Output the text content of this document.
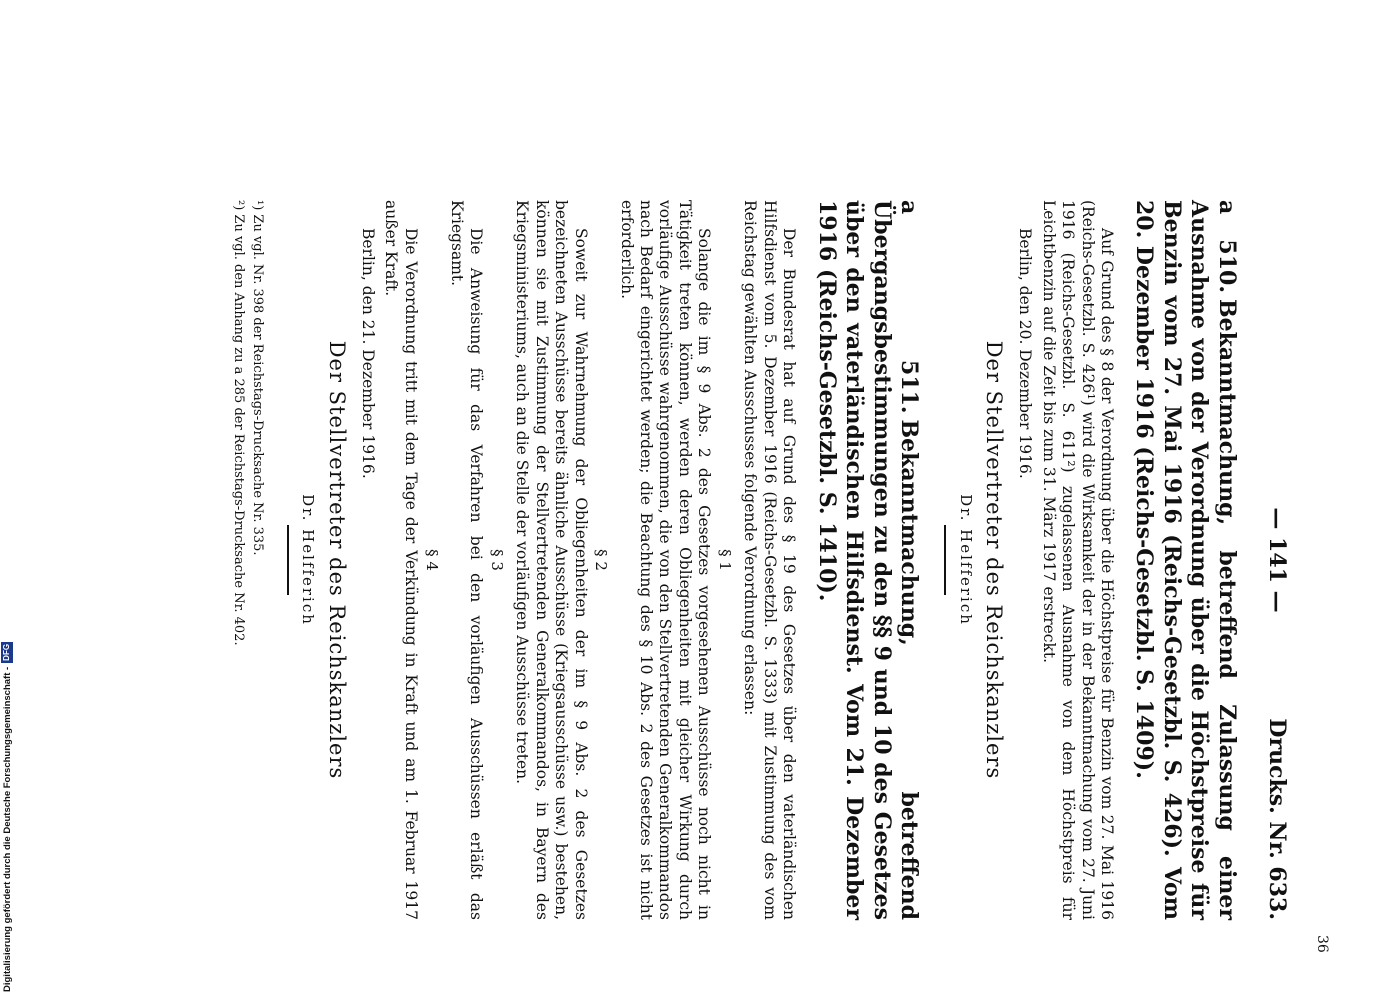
— 141 —
Drucks. Nr. 633.
a 510.Bekanntmachung, betreffend Zulassung einer Ausnahme von der Verordnung über die Höchstpreise für Benzin vom 27. Mai 1916 (Reichs-Gesetzbl. S. 426). Vom 20. Dezember 1916 (Reichs-Gesetzbl. S. 1409).

Auf Grund des § 8 der Verordnung über die Höchstpreise für Benzin vom 27. Mai 1916 (Reichs-Gesetzbl. S. 426¹) wird die Wirksamkeit der in der Bekanntmachung vom 27. Juni 1916 (Reichs-Gesetzbl. S. 611²) zugelassenen Ausnahme von dem Höchstpreis für Leichtbenzin auf die Zeit bis zum 31. März 1917 erstreckt.

Berlin, den 20. Dezember 1916.
Der Stellvertreter des Reichskanzlers
Dr. Helfferich
a 511.Bekanntmachung, betreffend Übergangsbestimmungen zu den §§ 9 und 10 des Gesetzes über den vaterländischen Hilfsdienst. Vom 21. Dezember 1916 (Reichs-Gesetzbl. S. 1410).

Der Bundesrat hat auf Grund des § 19 des Gesetzes über den vaterländischen Hilfsdienst vom 5. Dezember 1916 (Reichs-Gesetzbl. S. 1333) mit Zustimmung des vom Reichstag gewählten Ausschusses folgende Verordnung erlassen:

§ 1

Solange die im § 9 Abs. 2 des Gesetzes vorgesehenen Ausschüsse noch nicht in Tätigkeit treten können, werden deren Obliegenheiten mit gleicher Wirkung durch vorläufige Ausschüsse wahrgenommen, die von den Stellvertretenden Generalkommandos nach Bedarf eingerichtet werden; die Beachtung des § 10 Abs. 2 des Gesetzes ist nicht erforderlich.

§ 2

Soweit zur Wahrnehmung der Obliegenheiten der im § 9 Abs. 2 des Gesetzes bezeichneten Ausschüsse bereits ähnliche Ausschüsse (Kriegsausschüsse usw.) bestehen, können sie mit Zustimmung der Stellvertretenden Generalkommandos, in Bayern des Kriegsministeriums, auch an die Stelle der vorläufigen Ausschüsse treten.

§ 3

Die Anweisung für das Verfahren bei den vorläufigen Ausschüssen erläßt das Kriegsamt.

§ 4

Die Verordnung tritt mit dem Tage der Verkündung in Kraft und am 1. Februar 1917 außer Kraft.

Berlin, den 21. Dezember 1916.
Der Stellvertreter des Reichskanzlers
Dr. Helfferich
¹) Zu vgl. Nr. 398 der Reichstags-Drucksache Nr. 335.
²) Zu vgl. den Anhang zu a 285 der Reichstags-Drucksache Nr. 402.
36
Digitalisierung gefördert durch die Deutsche Forschungsgemeinschaft -
DFG
